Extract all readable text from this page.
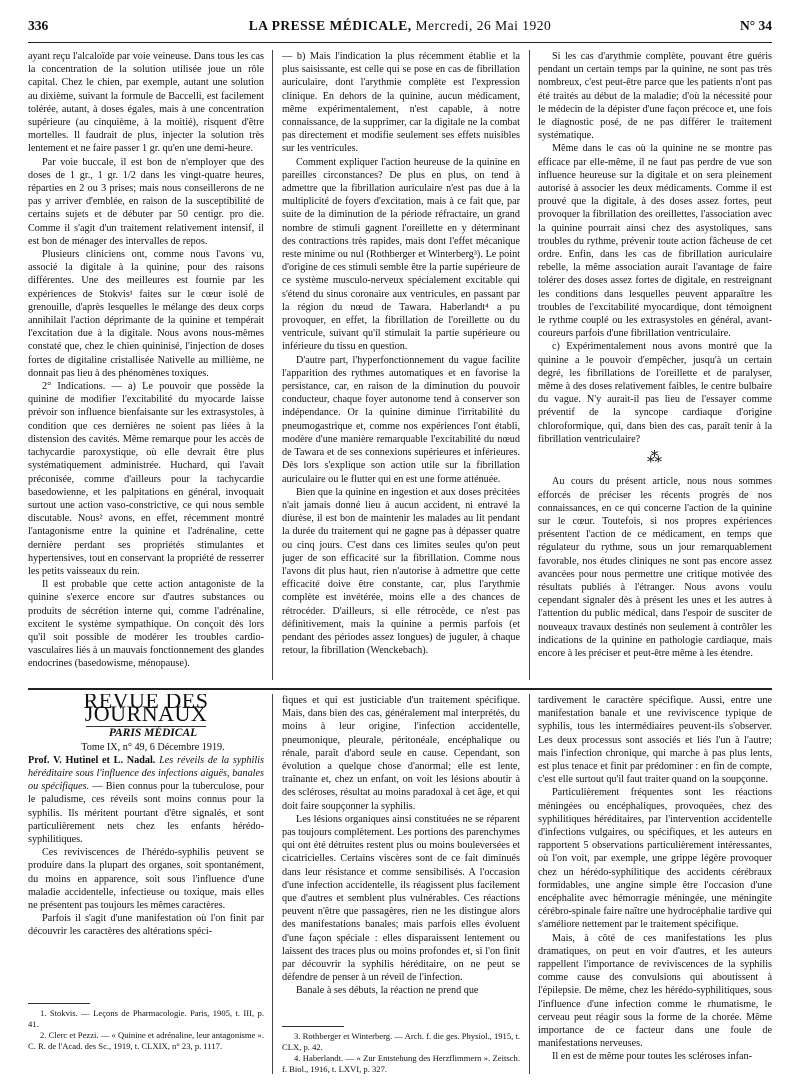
336	LA PRESSE MÉDICALE, Mercredi, 26 Mai 1920	N° 34

ayant reçu l'alcaloïde par voie veineuse. Dans tous les cas la concentration de la solution utilisée joue un rôle capital. Chez le chien, par exemple, autant une solution au dixième, suivant la formule de Baccelli, est facilement tolérée, autant, à doses égales, mais à une concentration supérieure (au cinquième, à la moitié), risquent d'être mortelles. Il faudrait de plus, injecter la solution très lentement et ne faire passer 1 gr. qu'en une demi-heure.

Par voie buccale, il est bon de n'employer que des doses de 1 gr., 1 gr. 1/2 dans les vingt-quatre heures, réparties en 2 ou 3 prises; mais nous conseillerons de ne pas y arriver d'emblée, en raison de la susceptibilité de certains sujets et de débuter par 50 centigr. pro die. Comme il s'agit d'un traitement relativement intensif, il est bon de ménager des intervalles de repos.

Plusieurs cliniciens ont, comme nous l'avons vu, associé la digitale à la quinine, pour des raisons différentes. Une des meilleures est fournie par les expériences de Stokvis¹ faites sur le cœur isolé de grenouille, d'après lesquelles le mélange des deux corps annihilait l'action déprimante de la quinine et tempérait l'excitation due à la digitale. Nous avons nous-mêmes constaté que, chez le chien quininisé, l'injection de doses fortes de digitaline cristallisée Nativelle au millième, ne donnait pas lieu à des phénomènes toxiques.

2° Indications. — a) Le pouvoir que possède la quinine de modifier l'excitabilité du myocarde laisse prévoir son influence bienfaisante sur les extrasystoles, à condition que ces dernières ne soient pas liées à la distension des cavités. Même remarque pour les accès de tachycardie paroxystique, où elle devrait être plus systématiquement administrée. Huchard, qui l'avait préconisée, comme d'ailleurs pour la tachycardie basedowienne, et les palpitations en général, invoquait surtout une action vaso-constrictive, ce qui nous semble discutable. Nous² avons, en effet, récemment montré l'antagonisme entre la quinine et l'adrénaline, cette dernière perdant ses propriétés stimulantes et hypertensives, tout en conservant la propriété de resserrer les petits vaisseaux du rein.

Il est probable que cette action antagoniste de la quinine s'exerce encore sur d'autres substances ou produits de sécrétion interne qui, comme l'adrénaline, excitent le système sympathique. On conçoit dès lors qu'il soit possible de modérer les troubles cardio-vasculaires liés à un mauvais fonctionnement des glandes endocrines (basedowisme, ménopause).

— b) Mais l'indication la plus récemment établie et la plus saisissante, est celle qui se pose en cas de fibrillation auriculaire, dont l'arythmie complète est l'expression clinique. En dehors de la quinine, aucun médicament, même expérimentalement, n'est capable, à notre connaissance, de la supprimer, car la digitale ne la combat pas directement et modifie seulement ses effets nuisibles sur les ventricules.

Comment expliquer l'action heureuse de la quinine en pareilles circonstances? De plus en plus, on tend à admettre que la fibrillation auriculaire n'est pas due à la multiplicité de foyers d'excitation, mais à ce fait que, par suite de la diminution de la période réfractaire, un grand nombre de stimuli gagnent l'oreillette en y déterminant des contractions très rapides, mais dont l'effet mécanique reste minime ou nul (Rothberger et Winterberg³). Le point d'origine de ces stimuli semble être la partie supérieure de ce système musculo-nerveux spécialement excitable qui s'étend du sinus coronaire aux ventricules, en passant par la région du nœud de Tawara. Haberlandt⁴ a pu provoquer, en effet, la fibrillation de l'oreillette ou du ventricule, suivant qu'il stimulait la partie supérieure ou inférieure du tissu en question.

D'autre part, l'hyperfonctionnement du vague facilite l'apparition des rythmes automatiques et en favorise la persistance, car, en raison de la diminution du pouvoir conducteur, chaque foyer autonome tend à conserver son indépendance. Or la quinine diminue l'irritabilité du pneumogastrique et, comme nos expériences l'ont établi, modère d'une manière remarquable l'excitabilité du nœud de Tawara et de ses connexions supérieures et inférieures. Dès lors s'explique son action utile sur la fibrillation auriculaire ou le flutter qui en est une forme atténuée.

Bien que la quinine en ingestion et aux doses précitées n'ait jamais donné lieu à aucun accident, ni entravé la diurèse, il est bon de maintenir les malades au lit pendant la durée du traitement qui ne gagne pas à dépasser quatre ou cinq jours. C'est dans ces limites seules qu'on peut juger de son efficacité sur la fibrillation. Comme nous l'avons dit plus haut, rien n'autorise à admettre que cette efficacité doive être constante, car, plus l'arythmie complète est invétérée, moins elle a des chances de rétrocéder. D'ailleurs, si elle rétrocède, ce n'est pas définitivement, mais la quinine a permis parfois (et pendant des périodes assez longues) de juguler, à chaque retour, la fibrillation (Wenckebach).

Si les cas d'arythmie complète, pouvant être guéris pendant un certain temps par la quinine, ne sont pas très nombreux, c'est peut-être parce que les patients n'ont pas été traités au début de la maladie; d'où la nécessité pour le médecin de la dépister d'une façon précoce et, une fois le diagnostic posé, de ne pas différer le traitement systématique.

Même dans le cas où la quinine ne se montre pas efficace par elle-même, il ne faut pas perdre de vue son influence heureuse sur la digitale et on sera pleinement autorisé à associer les deux médicaments. Comme il est prouvé que la digitale, à des doses assez fortes, peut provoquer la fibrillation des oreillettes, l'association avec la quinine pourrait ainsi chez des asystoliques, sans troubles du rythme, prévenir toute action fâcheuse de cet ordre. Enfin, dans les cas de fibrillation auriculaire rebelle, la même association aurait l'avantage de faire tolérer des doses assez fortes de digitale, en restreignant les conditions dans lesquelles peuvent apparaître les troubles de l'excitabilité myocardique, dont témoignent le rythme couplé ou les extrasystoles en général, avant-coureurs parfois d'une fibrillation ventriculaire.

c) Expérimentalement nous avons montré que la quinine a le pouvoir d'empêcher, jusqu'à un certain degré, les fibrillations de l'oreillette et de paralyser, même à des doses relativement faibles, le centre bulbaire du vague. N'y aurait-il pas lieu de l'essayer comme préventif de la syncope cardiaque d'origine chloroformique, qui, dans bien des cas, paraît tenir à la fibrillation ventriculaire?

⁂

Au cours du présent article, nous nous sommes efforcés de préciser les récents progrès de nos connaissances, en ce qui concerne l'action de la quinine sur le cœur. Toutefois, si nos propres expériences présentent l'action de ce médicament, en temps que régulateur du rythme, sous un jour remarquablement favorable, nos études cliniques ne sont pas encore assez avancées pour nous permettre une critique motivée des résultats publiés à l'étranger. Nous avons voulu cependant signaler dès à présent les unes et les autres à l'attention du public médical, dans l'espoir de susciter de nouveaux travaux destinés non seulement à contrôler les indications de la quinine en pathologie cardiaque, mais encore à les préciser et peut-être même à les étendre.

REVUE DES JOURNAUX

PARIS MÉDICAL

Tome IX, n° 49, 6 Décembre 1919.

Prof. V. Hutinel et L. Nadal. Les réveils de la syphilis héréditaire sous l'influence des infections aiguës, banales ou spécifiques. — Bien connus pour la tuberculose, pour le paludisme, ces réveils sont moins connus pour la syphilis. Ils méritent pourtant d'être signalés, et sont particulièrement nets chez les enfants hérédo-syphilitiques.

Ces reviviscences de l'hérédo-syphilis peuvent se produire dans la plupart des organes, soit spontanément, du moins en apparence, soit sous l'influence d'une maladie accidentelle, infectieuse ou toxique, mais elles ne présentent pas toujours les mêmes caractères.

Parfois il s'agit d'une manifestation où l'on finit par découvrir les caractères des altérations spéci-

1. Stokvis. — Leçons de Pharmacologie. Paris, 1905, t. III, p. 41.

2. Clerc et Pezzi. — « Quinine et adrénaline, leur antagonisme ». C. R. de l'Acad. des Sc., 1919, t. CLXIX, n° 23, p. 1117.

fiques et qui est justiciable d'un traitement spécifique. Mais, dans bien des cas, généralement mal interprétés, du moins à leur origine, l'infection accidentelle, pneumonique, pleurale, péritonéale, encéphalique ou rénale, paraît d'abord seule en cause. Cependant, son évolution a quelque chose d'anormal; elle est lente, traînante et, chez un enfant, on voit les lésions aboutir à des scléroses, résultat au moins paradoxal à cet âge, et qui doit faire soupçonner la syphilis.

Les lésions organiques ainsi constituées ne se réparent pas toujours complètement. Les portions des parenchymes qui ont été détruites restent plus ou moins bouleversées et cicatricielles. Certains viscères sont de ce fait diminués dans leur résistance et comme sensibilisés. A l'occasion d'une infection accidentelle, ils réagissent plus facilement que d'autres et semblent plus vulnérables. Ces réactions peuvent n'être que passagères, rien ne les distingue alors des manifestations banales; mais parfois elles évoluent d'une façon spéciale : elles disparaissent lentement ou laissent des traces plus ou moins profondes et, si l'on finit par découvrir la syphilis héréditaire, on ne peut se défendre de penser à un réveil de l'infection.

Banale à ses débuts, la réaction ne prend que

3. Rothberger et Winterberg. — Arch. f. die ges. Physiol., 1915, t. CLX, p. 42.

4. Haberlandt. — « Zur Entstehung des Herzflimmern ». Zeitsch. f. Biol., 1916, t. LXVI, p. 327.

tardivement le caractère spécifique. Aussi, entre une manifestation banale et une reviviscence typique de syphilis, tous les intermédiaires peuvent-ils s'observer. Les deux processus sont associés et liés l'un à l'autre; mais l'infection chronique, qui marche à pas plus lents, est plus tenace et finit par prédominer : en fin de compte, c'est elle surtout qu'il faut traiter quand on la soupçonne.

Particulièrement fréquentes sont les réactions méningées ou encéphaliques, provoquées, chez des syphilitiques héréditaires, par l'intervention accidentelle d'infections vulgaires, ou spécifiques, et les auteurs en rapportent 5 observations particulièrement intéressantes, où l'on voit, par exemple, une grippe légère provoquer chez un hérédo-syphilitique des accidents cérébraux formidables, une angine simple être l'occasion d'une encéphalite avec hémorragie méningée, une méningite cérébro-spinale faire naître une hydrocéphalie tardive qui s'améliore nettement par le traitement spécifique.

Mais, à côté de ces manifestations les plus dramatiques, on peut en voir d'autres, et les auteurs rappellent l'importance de reviviscences de la syphilis comme cause des convulsions qui aboutissent à l'épilepsie. De même, chez les hérédo-syphilitiques, sous l'influence d'une infection comme le rhumatisme, le cerveau peut réagir sous la forme de la chorée. Même importance de ce facteur dans une foule de manifestations nerveuses.

Il en est de même pour toutes les scléroses infan-
